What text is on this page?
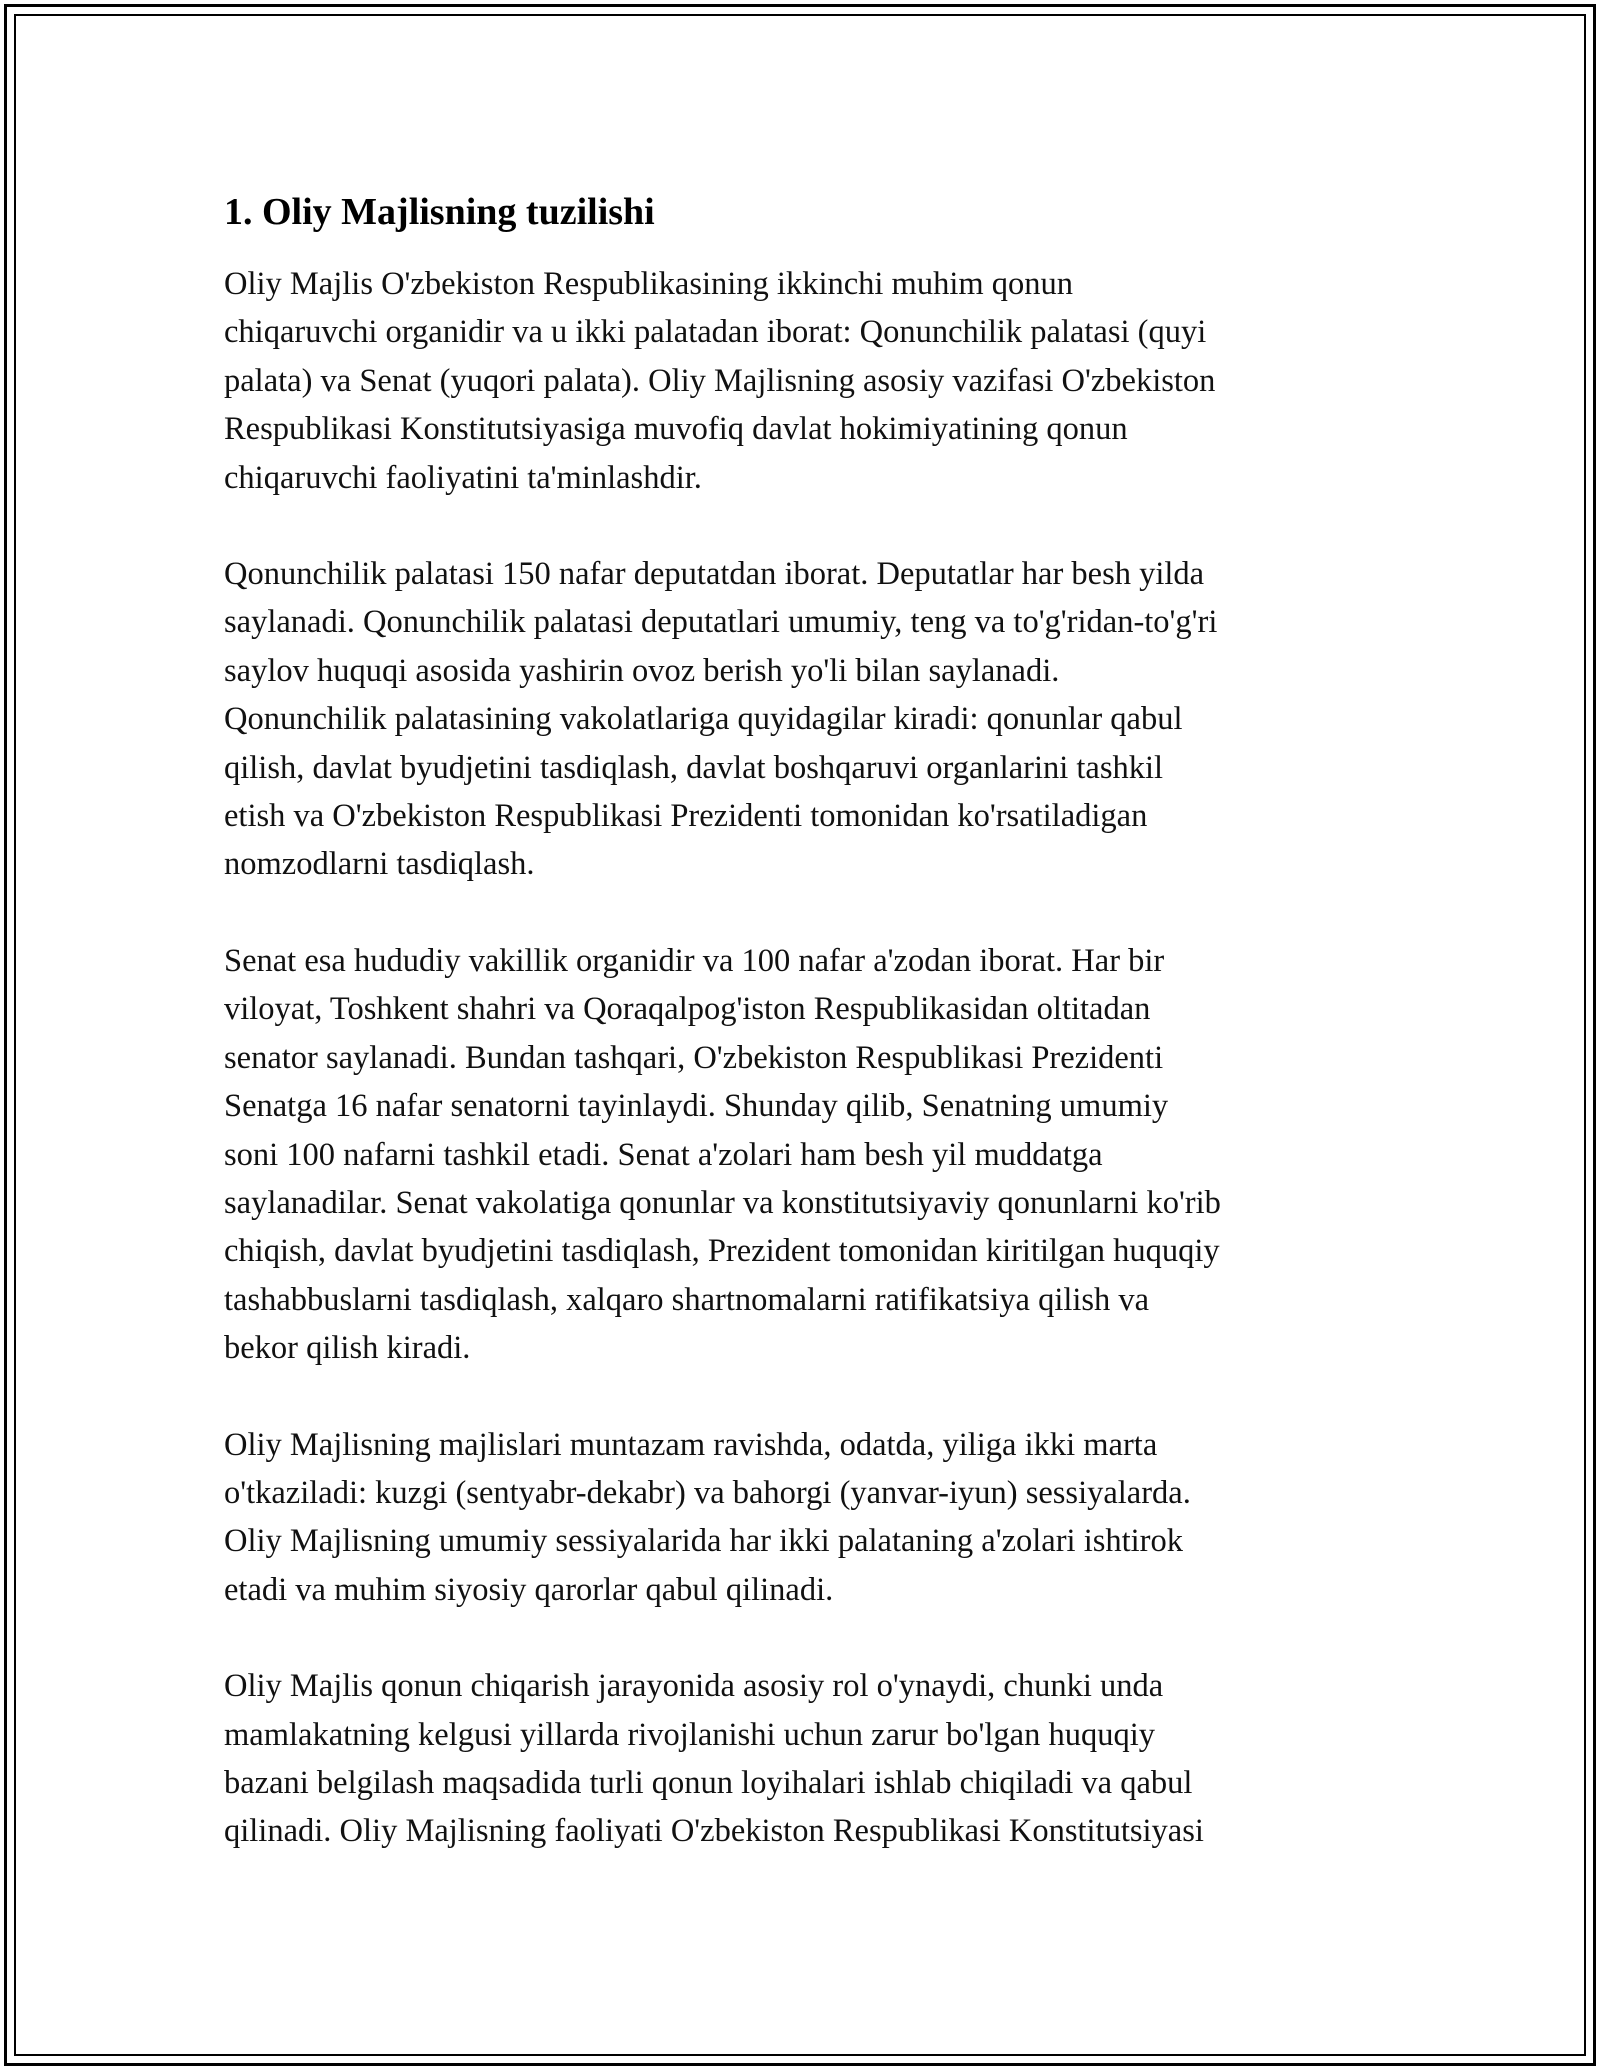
1. Oliy Majlisning tuzilishi

Oliy Majlis O'zbekiston Respublikasining ikkinchi muhim qonun
chiqaruvchi organidir va u ikki palatadan iborat: Qonunchilik palatasi (quyi
palata) va Senat (yuqori palata). Oliy Majlisning asosiy vazifasi O'zbekiston
Respublikasi Konstitutsiyasiga muvofiq davlat hokimiyatining qonun
chiqaruvchi faoliyatini ta'minlashdir.

Qonunchilik palatasi 150 nafar deputatdan iborat. Deputatlar har besh yilda
saylanadi. Qonunchilik palatasi deputatlari umumiy, teng va to'g'ridan-to'g'ri
saylov huquqi asosida yashirin ovoz berish yo'li bilan saylanadi.
Qonunchilik palatasining vakolatlariga quyidagilar kiradi: qonunlar qabul
qilish, davlat byudjetini tasdiqlash, davlat boshqaruvi organlarini tashkil
etish va O'zbekiston Respublikasi Prezidenti tomonidan ko'rsatiladigan
nomzodlarni tasdiqlash.

Senat esa hududiy vakillik organidir va 100 nafar a'zodan iborat. Har bir
viloyat, Toshkent shahri va Qoraqalpog'iston Respublikasidan oltitadan
senator saylanadi. Bundan tashqari, O'zbekiston Respublikasi Prezidenti
Senatga 16 nafar senatorni tayinlaydi. Shunday qilib, Senatning umumiy
soni 100 nafarni tashkil etadi. Senat a'zolari ham besh yil muddatga
saylanadilar. Senat vakolatiga qonunlar va konstitutsiyaviy qonunlarni ko'rib
chiqish, davlat byudjetini tasdiqlash, Prezident tomonidan kiritilgan huquqiy
tashabbuslarni tasdiqlash, xalqaro shartnomalarni ratifikatsiya qilish va
bekor qilish kiradi.

Oliy Majlisning majlislari muntazam ravishda, odatda, yiliga ikki marta
o'tkaziladi: kuzgi (sentyabr-dekabr) va bahorgi (yanvar-iyun) sessiyalarda.
Oliy Majlisning umumiy sessiyalarida har ikki palataning a'zolari ishtirok
etadi va muhim siyosiy qarorlar qabul qilinadi.

Oliy Majlis qonun chiqarish jarayonida asosiy rol o'ynaydi, chunki unda
mamlakatning kelgusi yillarda rivojlanishi uchun zarur bo'lgan huquqiy
bazani belgilash maqsadida turli qonun loyihalari ishlab chiqiladi va qabul
qilinadi. Oliy Majlisning faoliyati O'zbekiston Respublikasi Konstitutsiyasi
